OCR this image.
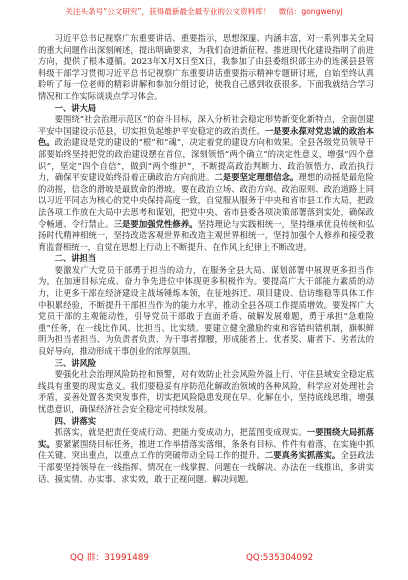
关注头条号“公文研究”，获得最新最全最专业的公文资料库！ 微信：gongwenyj

习近平总书记视察广东重要讲话、重要指示，思想深邃、内涵丰富，对一系列事关全局的重大问题作出深刻阐述，提出明确要求，为我们奋进新征程、推进现代化建设指明了前进方向，提供了根本遵循。2023年X月X日至X日，我参加了由县委组织部主办的连溪县县管科级干部学习贯彻习近平总书记视察广东重要讲话重要指示精神专题研讨班，自始至终认真聆听了每一位老师的精彩讲解和参加分组讨论，使我自己感到收获很多。下面我就结合学习情况和工作实际谈谈点学习体会。

一、讲大局

要围绕“社会治理示范区”的奋斗目标，深入分析社会稳定形势新变化新特点，全面创建平安中国建设示范县，切实担负起维护平安稳定的政治责任。一是要永葆对党忠诚的政治本色。政治建设是党的建设的“根”和“魂”，决定着党的建设方向和效果。全县各级党员领导干部要始终坚持把党的政治建设摆在首位，深刻领悟“两个确立”的决定性意义，增强“四个意识”，坚定“四个自信”，做到“两个维护”，不断提高政治判断力、政治领悟力、政治执行力，确保平安建设始终沿着正确政治方向前进。二是要坚定理想信念。理想的动摇是最危险的动摇，信念的滑坡是最致命的滑坡。要在政治立场、政治方向、政治原则、政治道路上同以习近平同志为核心的党中央保持高度一致，自觉服从服务于中央和省市县工作大局，把政法各项工作放在大局中去思考和谋划，把党中央、省市县委各项决策部署落到实处，确保政令畅通、令行禁止。三是要加强党性修养。坚持理论与实践相统一，坚持继承优良传统和弘扬时代精神相统一，坚持改造客观世界和改造主观世界相统一，坚持加强个人修养和接受教育监督相统一，自觉在思想上行动上不断提升、在作风上纪律上不断改进。

二、讲担当

要激发广大党员干部勇于担当的动力，在服务全县大局、谋划部署中展现更多担当作为，在加速目标完成、奋力争先进位中体现更多积极作为。要提高广大干部能力素质的动力，让更多干部在经济建设主战场锤炼本领，在征地拆迁、项目建设、信访维稳等具体工作中积累经验，不断提升干部担当作为的能力水平，推动全县各项工作提质增效。要发挥广大党员干部的主观能动性，引导党员干部敢于直面矛盾、破解发展难题，勇于承担“急难险重”任务，在一线比作风、比担当、比实绩。要建立健全激励约束和容错纠错机制，旗帜鲜明为担当者担当、为负责者负责、为干事者撑腰，形成能者上、优者奖、庸者下、劣者汰的良好导向，推动形成干事创业的浓厚氛围。

三、讲风险

要强化社会治理风险防控和预警，对有效防止社会风险外溢上行、守住县域安全稳定底线具有重要的现实意义。我们要稳妥有序防范化解政治领域的各种风险，科学应对处理社会矛盾，妥善处置各类突发事件，切实把风险隐患发现在早、化解在小，坚持底线思维，增强忧患意识，确保经济社会安全稳定可持续发展。

四、讲落实

抓落实，就是把责任变成行动、把能力变成动力，把蓝图变成现实。一要围绕大局抓落实。要紧紧围绕目标任务，推进工作举措落实落细，条条有目标、件件有着落，在实施中抓住关键、突出重点，以重点工作的突破带动全局工作的提升。二要真务实抓落实。全县政法干部要坚持领导在一线指挥、情况在一线掌握、问题在一线解决、办法在一线推出，多讲实话、摸实情、办实事、求实效，敢于正视问题、解决问题。

QQ 群：31991489	QQ:535304092
